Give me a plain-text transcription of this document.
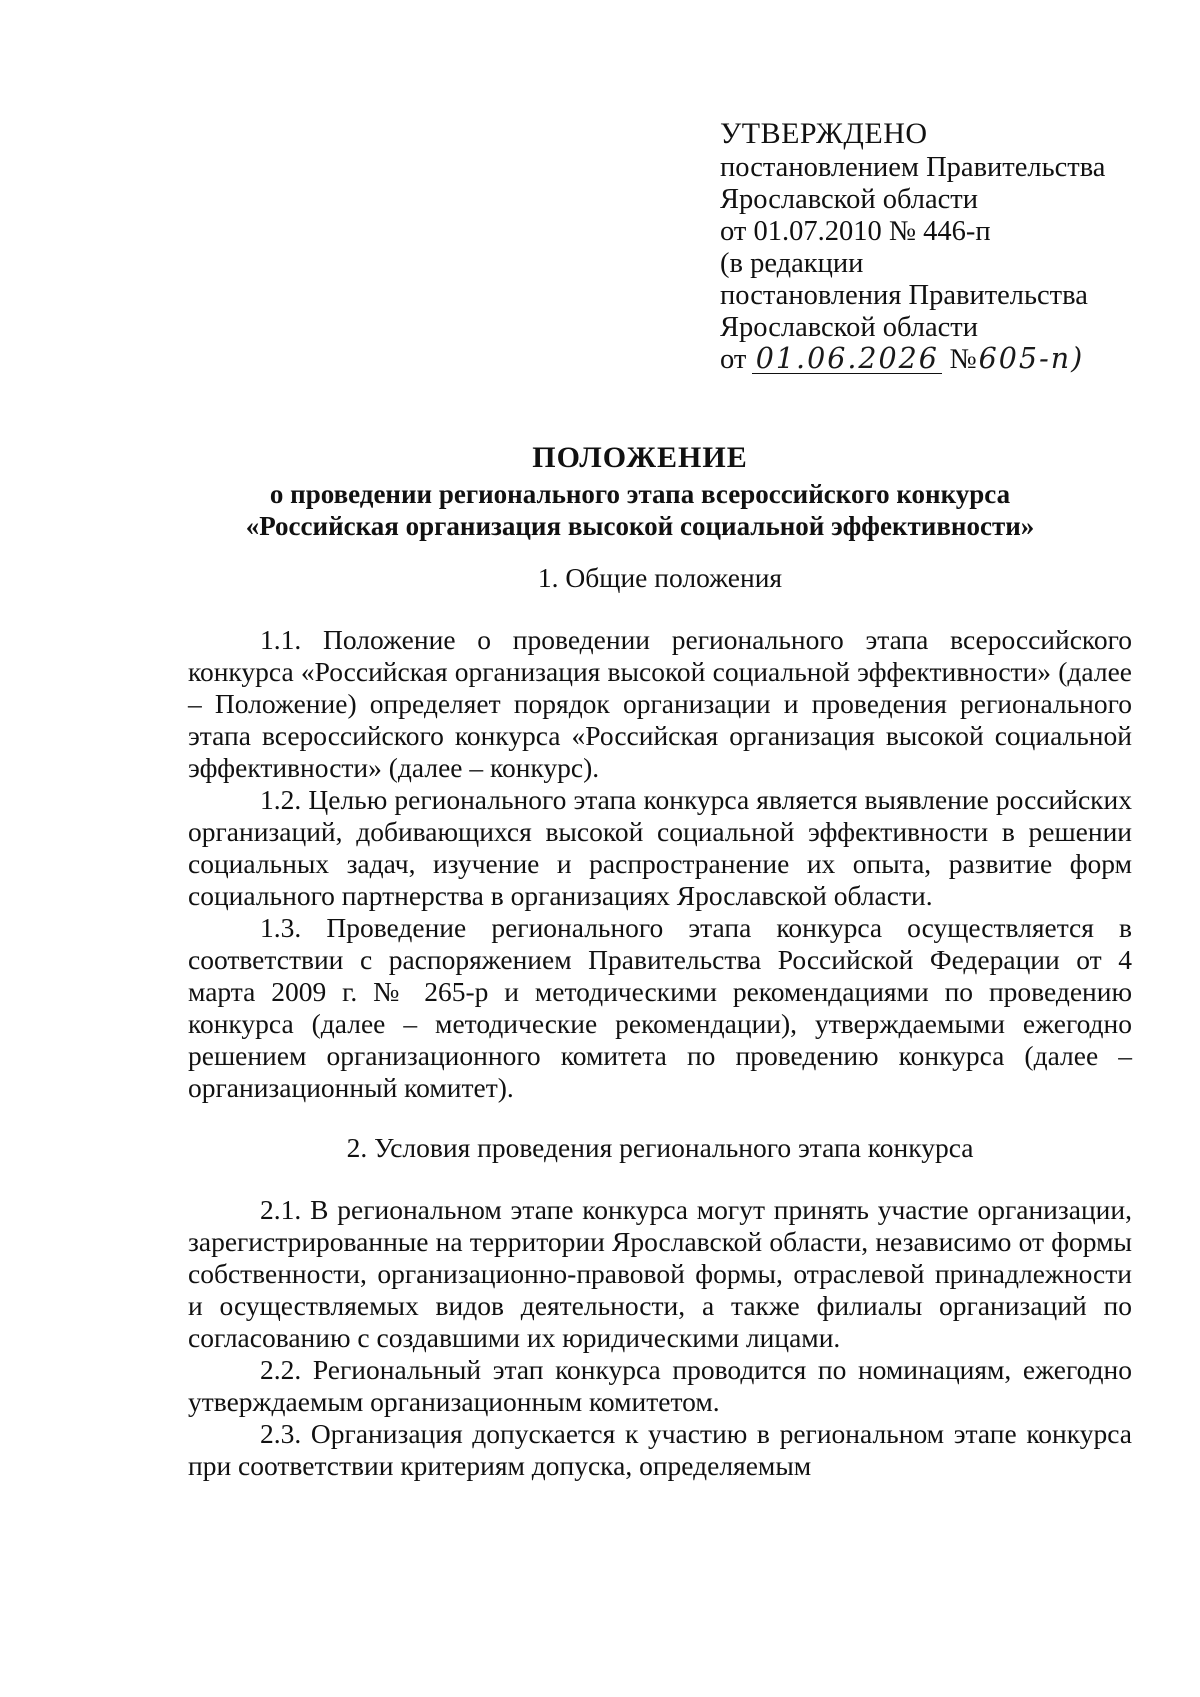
УТВЕРЖДЕНО
постановлением Правительства
Ярославской области
от 01.07.2010 № 446-п
(в редакции
постановления Правительства
Ярославской области
от 01.06.2026 №605-п)
ПОЛОЖЕНИЕ
о проведении регионального этапа всероссийского конкурса
«Российская организация высокой социальной эффективности»

1. Общие положения

1.1. Положение о проведении регионального этапа всероссийского конкурса «Российская организация высокой социальной эффективности» (далее – Положение) определяет порядок организации и проведения регионального этапа всероссийского конкурса «Российская организация высокой социальной эффективности» (далее – конкурс).

1.2. Целью регионального этапа конкурса является выявление российских организаций, добивающихся высокой социальной эффективности в решении социальных задач, изучение и распространение их опыта, развитие форм социального партнерства в организациях Ярославской области.

1.3. Проведение регионального этапа конкурса осуществляется в соответствии с распоряжением Правительства Российской Федерации от 4 марта 2009 г. № 265-р и методическими рекомендациями по проведению конкурса (далее – методические рекомендации), утверждаемыми ежегодно решением организационного комитета по проведению конкурса (далее – организационный комитет).

2. Условия проведения регионального этапа конкурса

2.1. В региональном этапе конкурса могут принять участие организации, зарегистрированные на территории Ярославской области, независимо от формы собственности, организационно-правовой формы, отраслевой принадлежности и осуществляемых видов деятельности, а также филиалы организаций по согласованию с создавшими их юридическими лицами.

2.2. Региональный этап конкурса проводится по номинациям, ежегодно утверждаемым организационным комитетом.

2.3. Организация допускается к участию в региональном этапе конкурса при соответствии критериям допуска, определяемым
